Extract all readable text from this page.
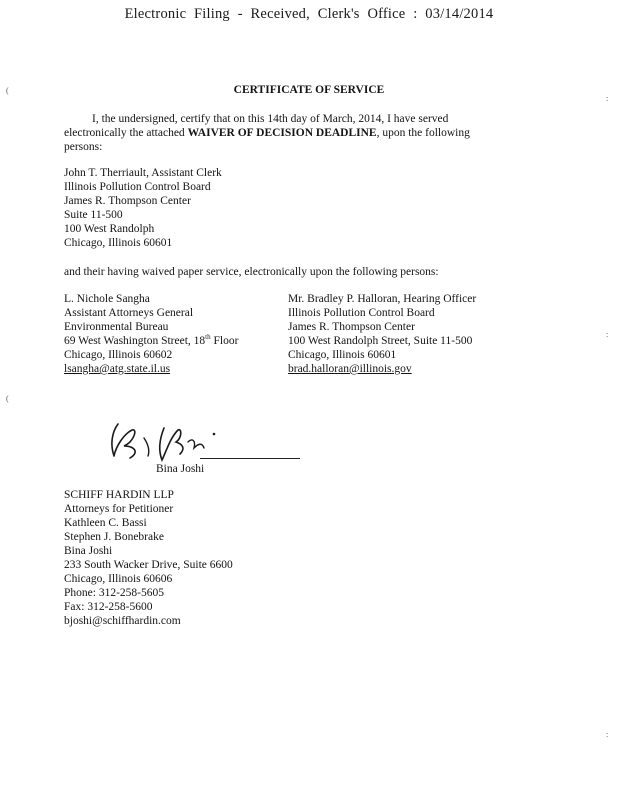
Electronic Filing - Received, Clerk's Office : 03/14/2014
(
(
:
:
:
CERTIFICATE OF SERVICE
I, the undersigned, certify that on this 14th day of March, 2014, I have served
electronically the attached WAIVER OF DECISION DEADLINE, upon the following
persons:
John T. Therriault, Assistant Clerk
Illinois Pollution Control Board
James R. Thompson Center
Suite 11-500
100 West Randolph
Chicago, Illinois 60601
and their having waived paper service, electronically upon the following persons:
L. Nichole Sangha
Assistant Attorneys General
Environmental Bureau
69 West Washington Street, 18th Floor
Chicago, Illinois 60602
lsangha@atg.state.il.us
Mr. Bradley P. Halloran, Hearing Officer
Illinois Pollution Control Board
James R. Thompson Center
100 West Randolph Street, Suite 11-500
Chicago, Illinois 60601
brad.halloran@illinois.gov
Bina Joshi
SCHIFF HARDIN LLP
Attorneys for Petitioner
Kathleen C. Bassi
Stephen J. Bonebrake
Bina Joshi
233 South Wacker Drive, Suite 6600
Chicago, Illinois 60606
Phone: 312-258-5605
Fax: 312-258-5600
bjoshi@schiffhardin.com
